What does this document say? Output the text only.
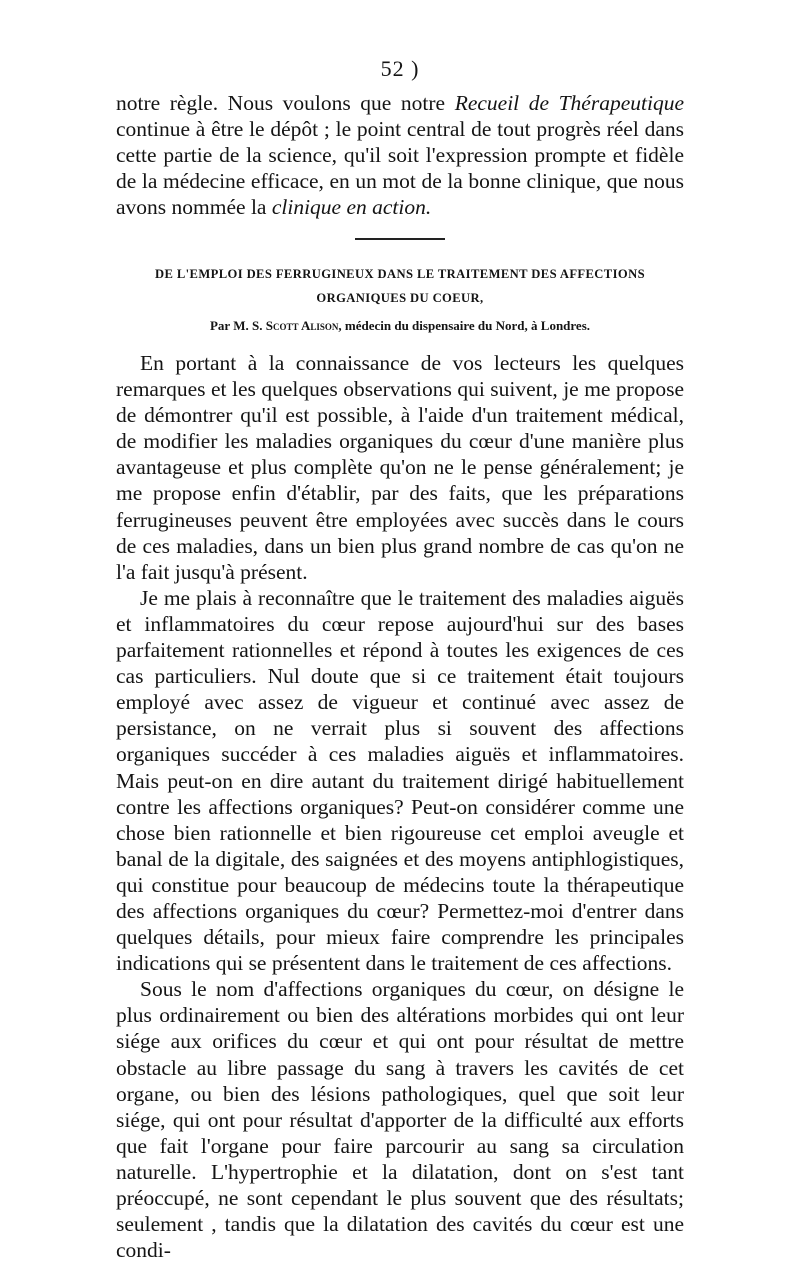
52 )

notre règle. Nous voulons que notre Recueil de Thérapeutique continue à être le dépôt ; le point central de tout progrès réel dans cette partie de la science, qu'il soit l'expression prompte et fidèle de la médecine efficace, en un mot de la bonne clinique, que nous avons nommée la clinique en action.

DE L'EMPLOI DES FERRUGINEUX DANS LE TRAITEMENT DES AFFECTIONS
ORGANIQUES DU COEUR,
Par M. S. Scott Alison, médecin du dispensaire du Nord, à Londres.

En portant à la connaissance de vos lecteurs les quelques remarques et les quelques observations qui suivent, je me propose de démontrer qu'il est possible, à l'aide d'un traitement médical, de modifier les maladies organiques du cœur d'une manière plus avantageuse et plus complète qu'on ne le pense généralement; je me propose enfin d'établir, par des faits, que les préparations ferrugineuses peuvent être employées avec succès dans le cours de ces maladies, dans un bien plus grand nombre de cas qu'on ne l'a fait jusqu'à présent.

Je me plais à reconnaître que le traitement des maladies aiguës et inflammatoires du cœur repose aujourd'hui sur des bases parfaitement rationnelles et répond à toutes les exigences de ces cas particuliers. Nul doute que si ce traitement était toujours employé avec assez de vigueur et continué avec assez de persistance, on ne verrait plus si souvent des affections organiques succéder à ces maladies aiguës et inflammatoires. Mais peut-on en dire autant du traitement dirigé habituellement contre les affections organiques? Peut-on considérer comme une chose bien rationnelle et bien rigoureuse cet emploi aveugle et banal de la digitale, des saignées et des moyens antiphlogistiques, qui constitue pour beaucoup de médecins toute la thérapeutique des affections organiques du cœur? Permettez-moi d'entrer dans quelques détails, pour mieux faire comprendre les principales indications qui se présentent dans le traitement de ces affections.

Sous le nom d'affections organiques du cœur, on désigne le plus ordinairement ou bien des altérations morbides qui ont leur siége aux orifices du cœur et qui ont pour résultat de mettre obstacle au libre passage du sang à travers les cavités de cet organe, ou bien des lésions pathologiques, quel que soit leur siége, qui ont pour résultat d'apporter de la difficulté aux efforts que fait l'organe pour faire parcourir au sang sa circulation naturelle. L'hypertrophie et la dilatation, dont on s'est tant préoccupé, ne sont cependant le plus souvent que des résultats; seulement , tandis que la dilatation des cavités du cœur est une condi-
